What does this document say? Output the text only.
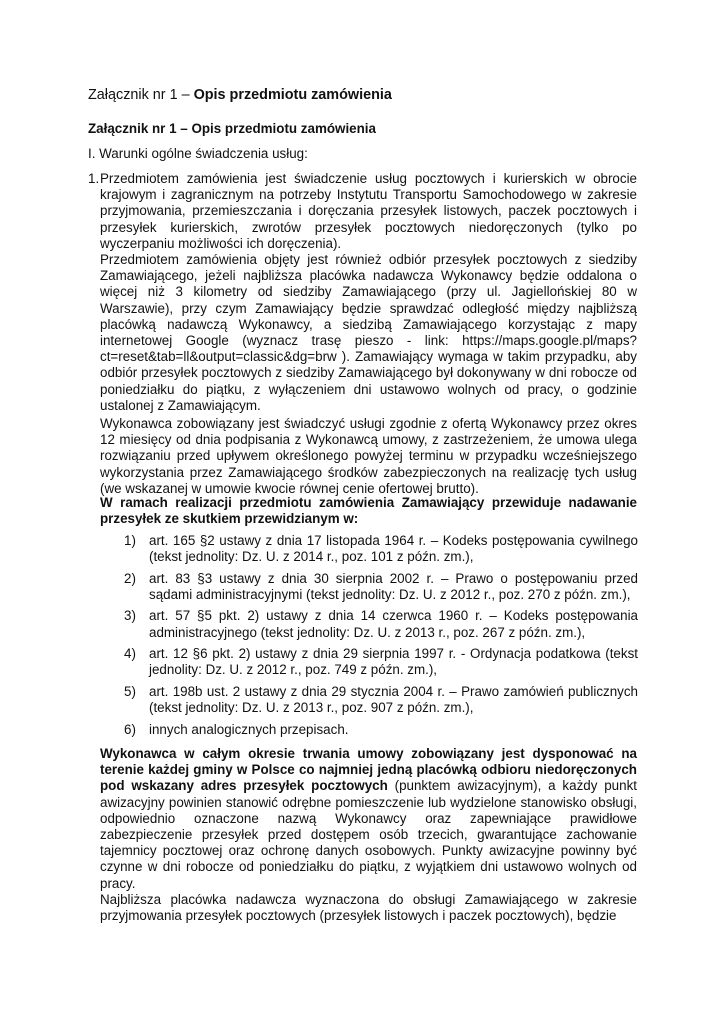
Załącznik nr 1 – Opis przedmiotu zamówienia
Załącznik nr 1 – Opis przedmiotu zamówienia
I. Warunki ogólne świadczenia usług:
1. Przedmiotem zamówienia jest świadczenie usług pocztowych i kurierskich w obrocie krajowym i zagranicznym na potrzeby Instytutu Transportu Samochodowego w zakresie przyjmowania, przemieszczania i doręczania przesyłek listowych, paczek pocztowych i przesyłek kurierskich, zwrotów przesyłek pocztowych niedoręczonych (tylko po wyczerpaniu możliwości ich doręczenia).

Przedmiotem zamówienia objęty jest również odbiór przesyłek pocztowych z siedziby Zamawiającego, jeżeli najbliższa placówka nadawcza Wykonawcy będzie oddalona o więcej niż 3 kilometry od siedziby Zamawiającego (przy ul. Jagiellońskiej 80 w Warszawie), przy czym Zamawiający będzie sprawdzać odległość między najbliższą placówką nadawczą Wykonawcy, a siedzibą Zamawiającego korzystając z mapy internetowej Google (wyznacz trasę pieszo - link: https://maps.google.pl/maps?ct=reset&tab=ll&output=classic&dg=brw ). Zamawiający wymaga w takim przypadku, aby odbiór przesyłek pocztowych z siedziby Zamawiającego był dokonywany w dni robocze od poniedziałku do piątku, z wyłączeniem dni ustawowo wolnych od pracy, o godzinie ustalonej z Zamawiającym.

Wykonawca zobowiązany jest świadczyć usługi zgodnie z ofertą Wykonawcy przez okres 12 miesięcy od dnia podpisania z Wykonawcą umowy, z zastrzeżeniem, że umowa ulega rozwiązaniu przed upływem określonego powyżej terminu w przypadku wcześniejszego wykorzystania przez Zamawiającego środków zabezpieczonych na realizację tych usług (we wskazanej w umowie kwocie równej cenie ofertowej brutto).

W ramach realizacji przedmiotu zamówienia Zamawiający przewiduje nadawanie przesyłek ze skutkiem przewidzianym w:

1) art. 165 §2 ustawy z dnia 17 listopada 1964 r. – Kodeks postępowania cywilnego (tekst jednolity: Dz. U. z 2014 r., poz. 101 z późn. zm.),
2) art. 83 §3 ustawy z dnia 30 sierpnia 2002 r. – Prawo o postępowaniu przed sądami administracyjnymi (tekst jednolity: Dz. U. z 2012 r., poz. 270 z późn. zm.),
3) art. 57 §5 pkt. 2) ustawy z dnia 14 czerwca 1960 r. – Kodeks postępowania administracyjnego (tekst jednolity: Dz. U. z 2013 r., poz. 267 z późn. zm.),
4) art. 12 §6 pkt. 2) ustawy z dnia 29 sierpnia 1997 r. - Ordynacja podatkowa (tekst jednolity: Dz. U. z 2012 r., poz. 749 z późn. zm.),
5) art. 198b ust. 2 ustawy z dnia 29 stycznia 2004 r. – Prawo zamówień publicznych (tekst jednolity: Dz. U. z 2013 r., poz. 907 z późn. zm.),
6) innych analogicznych przepisach.

Wykonawca w całym okresie trwania umowy zobowiązany jest dysponować na terenie każdej gminy w Polsce co najmniej jedną placówką odbioru niedoręczonych pod wskazany adres przesyłek pocztowych (punktem awizacyjnym), a każdy punkt awizacyjny powinien stanowić odrębne pomieszczenie lub wydzielone stanowisko obsługi, odpowiednio oznaczone nazwą Wykonawcy oraz zapewniające prawidłowe zabezpieczenie przesyłek przed dostępem osób trzecich, gwarantujące zachowanie tajemnicy pocztowej oraz ochronę danych osobowych. Punkty awizacyjne powinny być czynne w dni robocze od poniedziałku do piątku, z wyjątkiem dni ustawowo wolnych od pracy.

Najbliższa placówka nadawcza wyznaczona do obsługi Zamawiającego w zakresie przyjmowania przesyłek pocztowych (przesyłek listowych i paczek pocztowych), będzie
